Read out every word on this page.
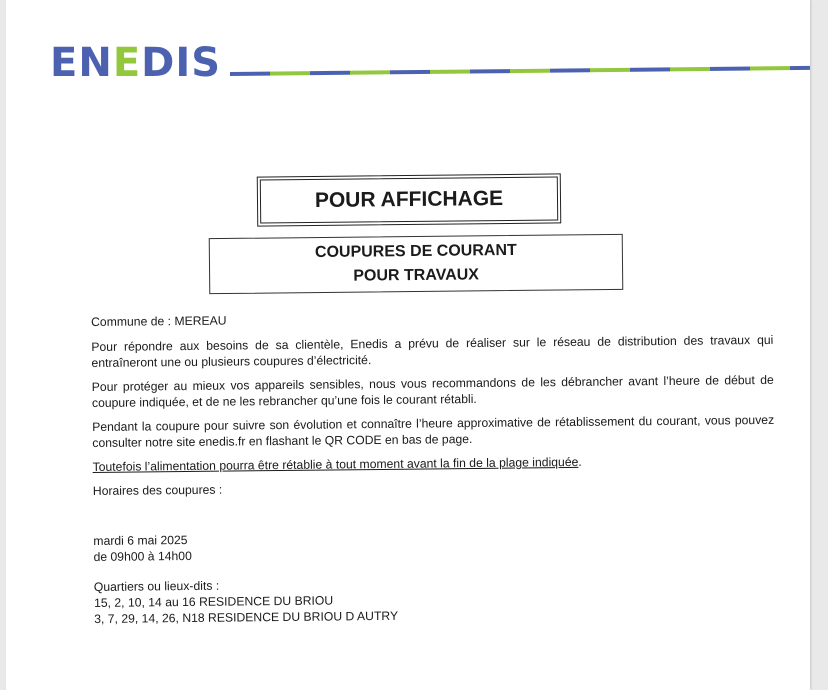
ENEDIS
POUR AFFICHAGE
COUPURES DE COURANT
POUR TRAVAUX

Commune de : MEREAU

Pour répondre aux besoins de sa clientèle, Enedis a prévu de réaliser sur le réseau de distribution des travaux qui entraîneront une ou plusieurs coupures d’électricité.

Pour protéger au mieux vos appareils sensibles, nous vous recommandons de les débrancher avant l’heure de début de coupure indiquée, et de ne les rebrancher qu’une fois le courant rétabli.

Pendant la coupure pour suivre son évolution et connaître l’heure approximative de rétablissement du courant, vous pouvez consulter notre site enedis.fr en flashant le QR CODE en bas de page.

Toutefois l’alimentation pourra être rétablie à tout moment avant la fin de la plage indiquée.

Horaires des coupures :

mardi 6 mai 2025
de 09h00 à 14h00
Quartiers ou lieux-dits :
15, 2, 10, 14 au 16 RESIDENCE DU BRIOU
3, 7, 29, 14, 26, N18 RESIDENCE DU BRIOU D AUTRY
